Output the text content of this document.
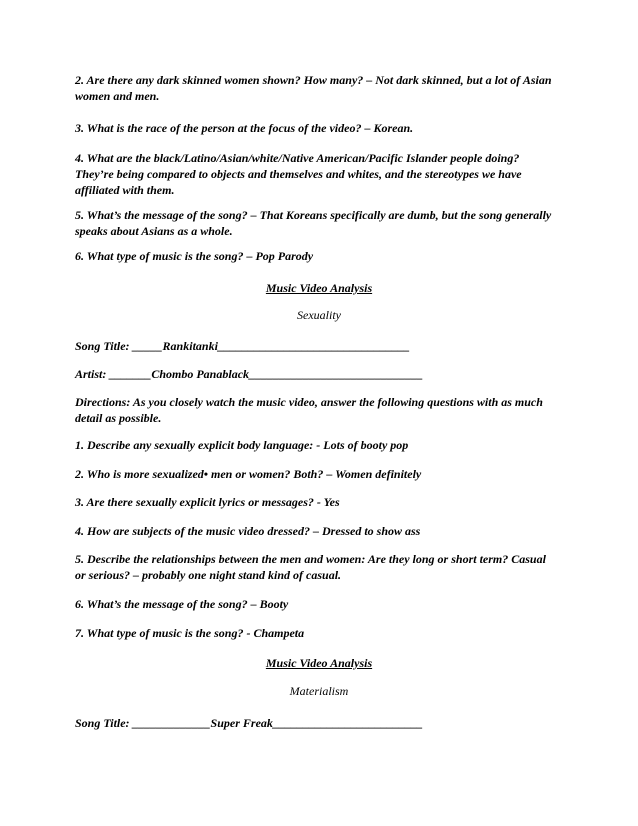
2. Are there any dark skinned women shown? How many? – Not dark skinned, but a lot of Asian women and men.
3. What is the race of the person at the focus of the video? – Korean.
4. What are the black/Latino/Asian/white/Native American/Pacific Islander people doing? They’re being compared to objects and themselves and whites, and the stereotypes we have affiliated with them.
5. What’s the message of the song? – That Koreans specifically are dumb, but the song generally speaks about Asians as a whole.
6. What type of music is the song? – Pop Parody
Music Video Analysis
Sexuality
Song Title: _____Rankitanki________________________________
Artist: _______Chombo Panablack_____________________________
Directions: As you closely watch the music video, answer the following questions with as much detail as possible.
1. Describe any sexually explicit body language: - Lots of booty pop
2. Who is more sexualized• men or women? Both? – Women definitely
3. Are there sexually explicit lyrics or messages? - Yes
4. How are subjects of the music video dressed? – Dressed to show ass
5. Describe the relationships between the men and women: Are they long or short term? Casual or serious? – probably one night stand kind of casual.
6. What’s the message of the song? – Booty
7. What type of music is the song? - Champeta
Music Video Analysis
Materialism
Song Title: _____________Super Freak_________________________
